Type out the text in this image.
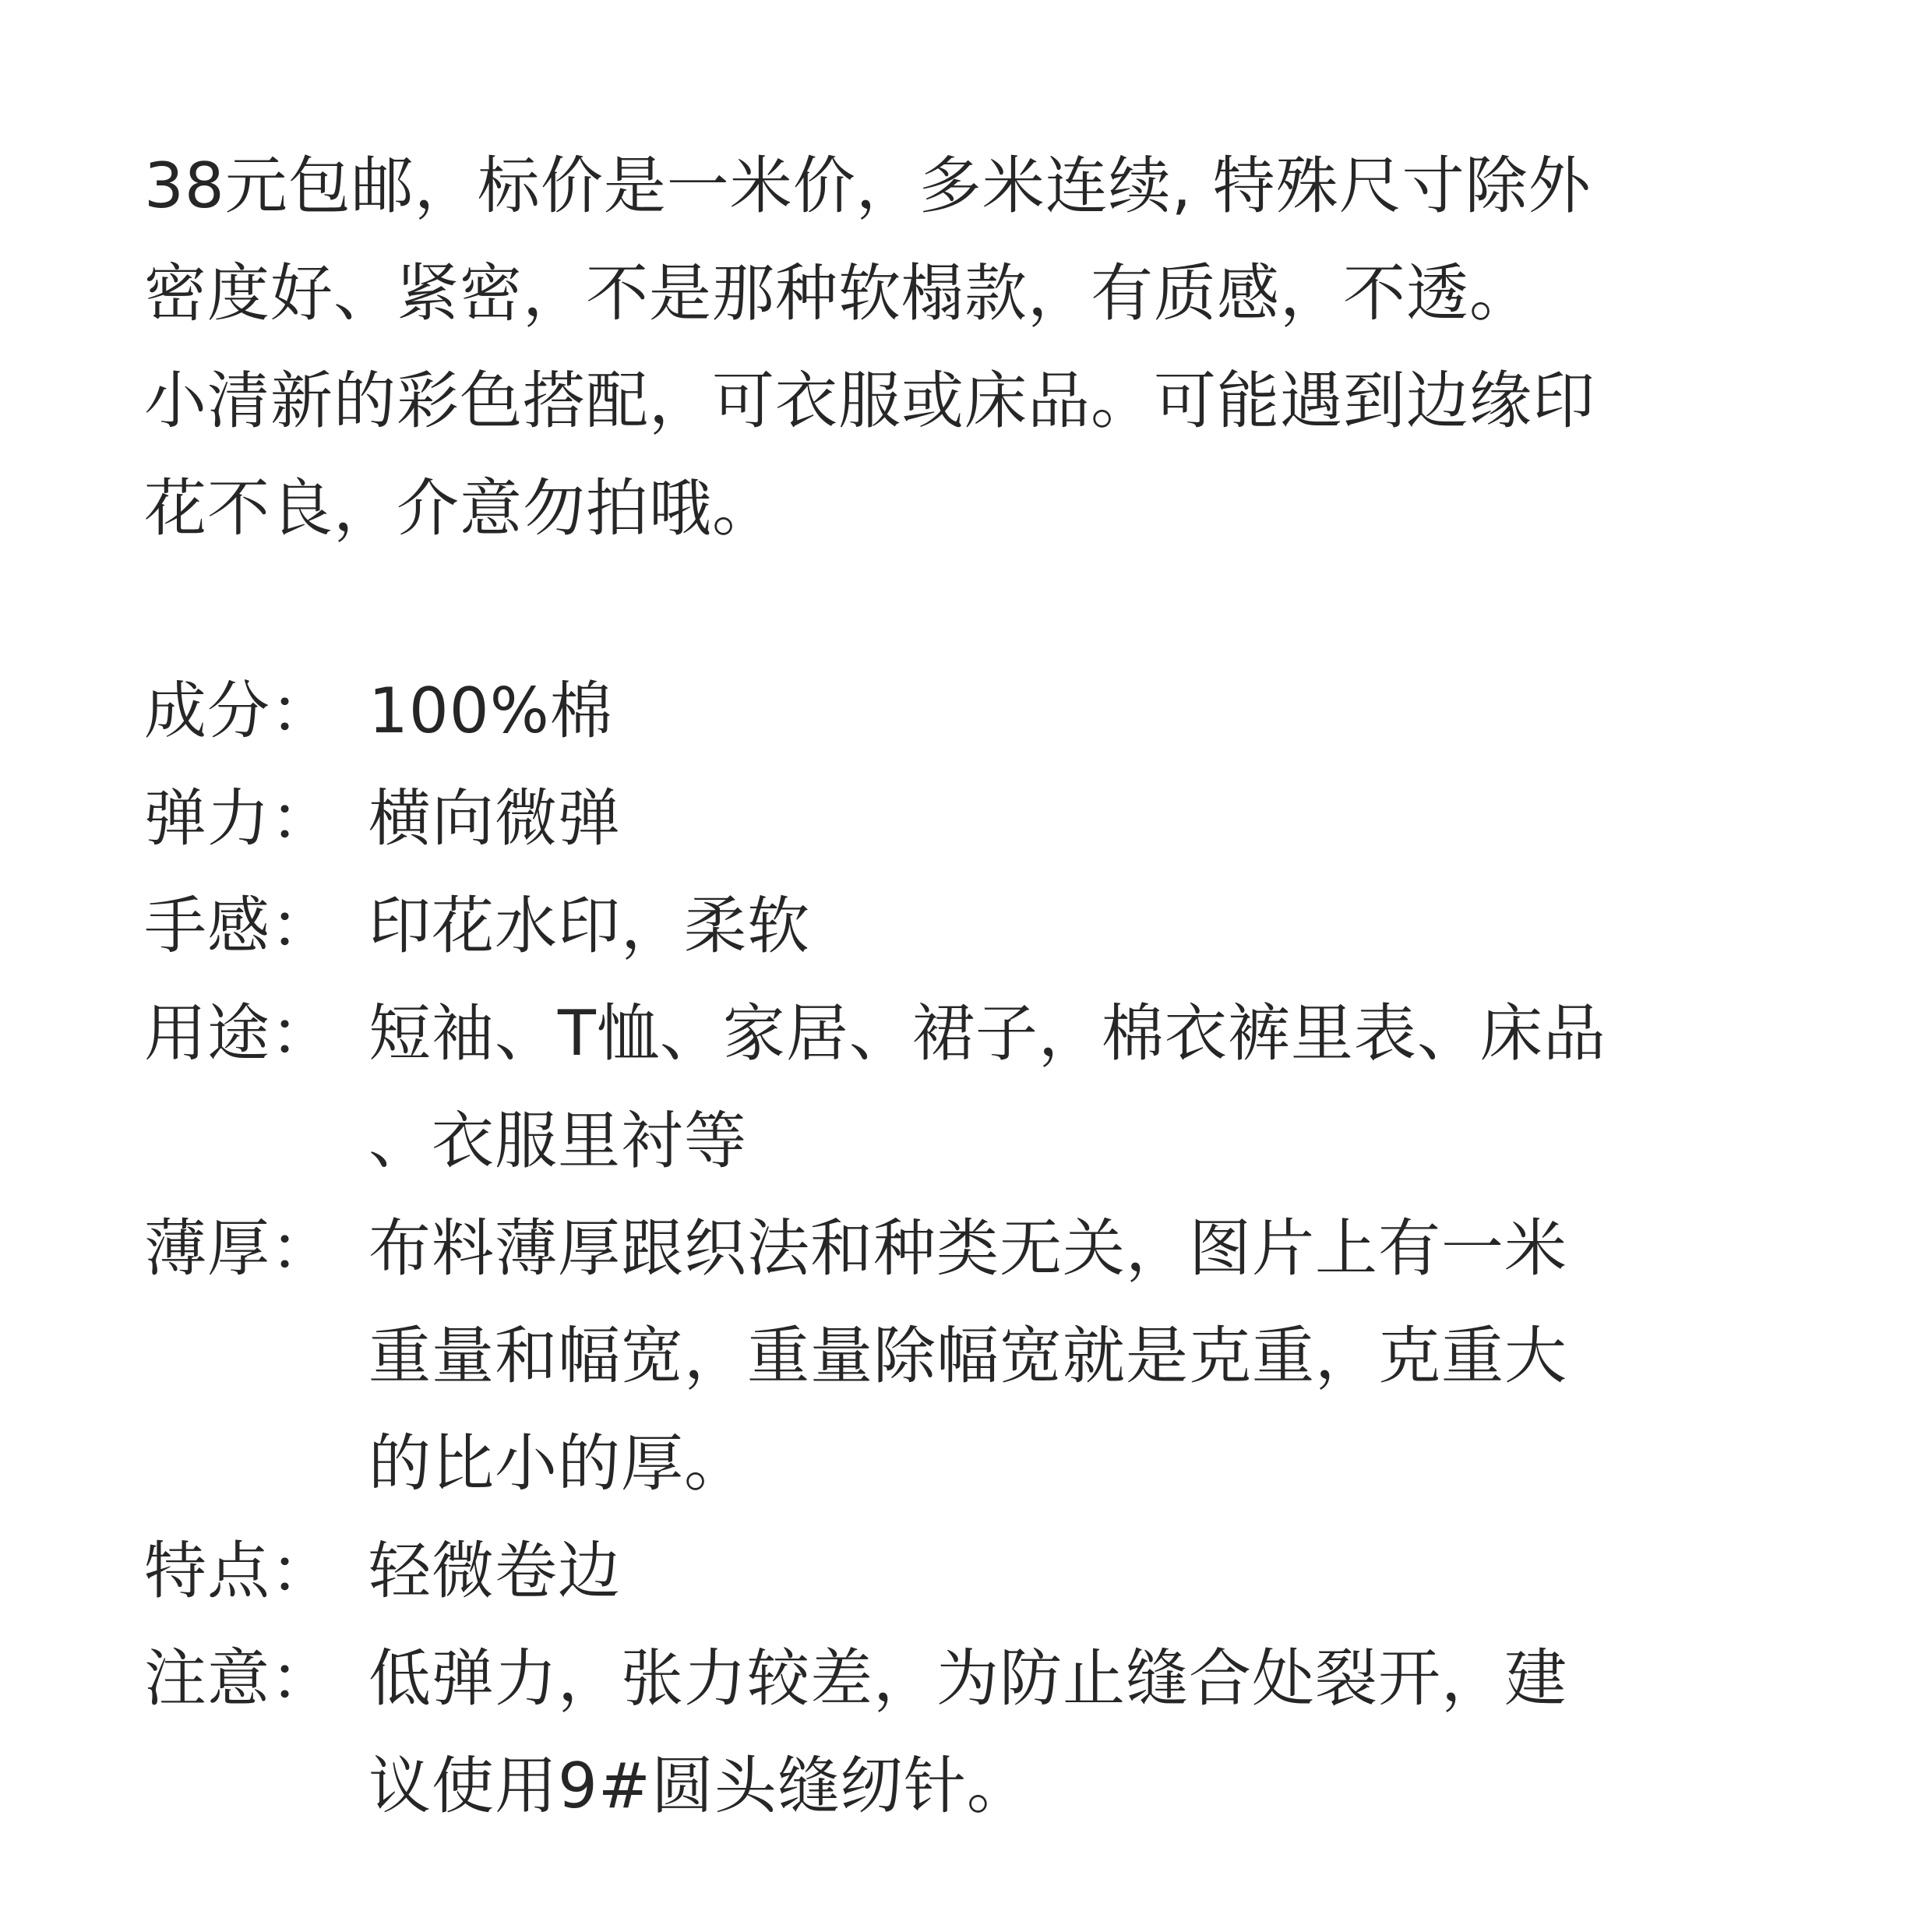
38元包邮，标价是一米价，多米连续, 特殊尺寸除外
密度好、紧密，不是那种软榻款，有质感，不透。
小清新的彩色搭配，可衣服或床品。可能遇到边缘印
花不良，介意勿拍哦。
成分： 100%棉
弹力： 横向微弹
手感： 印花水印，柔软
用途： 短袖、T恤、家居、裙子，棉衣裤里表、床品
、衣服里衬等
薄厚： 布料薄厚跟织法和种类无关，图片上有一米
重量和幅宽，重量除幅宽就是克重，克重大
的比小的厚。
特点： 轻微卷边
注意： 低弹力，张力较差，为防止缝合处裂开，建
议使用9#圆头缝纫针。
